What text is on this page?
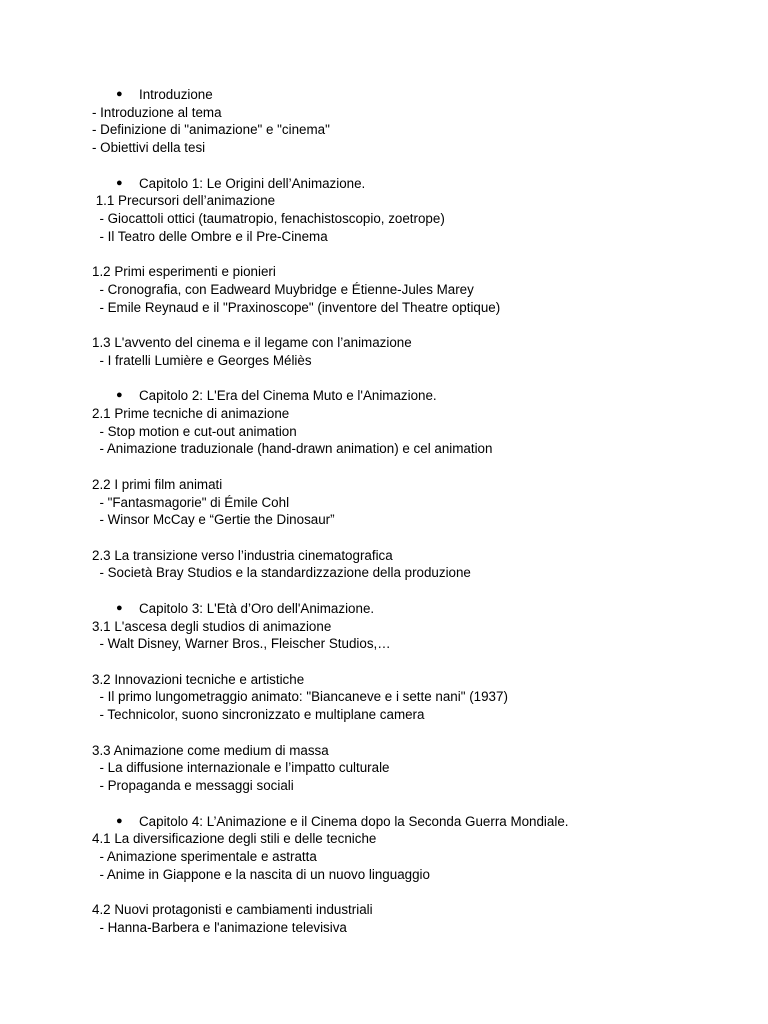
● Introduzione
- Introduzione al tema
- Definizione di "animazione" e "cinema"
- Obiettivi della tesi
● Capitolo 1: Le Origini dell’Animazione.
1.1 Precursori dell’animazione
- Giocattoli ottici (taumatropio, fenachistoscopio, zoetrope)
- Il Teatro delle Ombre e il Pre-Cinema
1.2 Primi esperimenti e pionieri
- Cronografia, con Eadweard Muybridge e Étienne-Jules Marey
- Emile Reynaud e il "Praxinoscope" (inventore del Theatre optique)
1.3 L'avvento del cinema e il legame con l’animazione
- I fratelli Lumière e Georges Méliès
● Capitolo 2: L'Era del Cinema Muto e l'Animazione.
2.1 Prime tecniche di animazione
- Stop motion e cut-out animation
- Animazione traduzionale (hand-drawn animation) e cel animation
2.2 I primi film animati
- "Fantasmagorie" di Émile Cohl
- Winsor McCay e “Gertie the Dinosaur”
2.3 La transizione verso l’industria cinematografica
- Società Bray Studios e la standardizzazione della produzione
● Capitolo 3: L'Età d’Oro dell'Animazione.
3.1 L'ascesa degli studios di animazione
- Walt Disney, Warner Bros., Fleischer Studios,…
3.2 Innovazioni tecniche e artistiche
- Il primo lungometraggio animato: "Biancaneve e i sette nani" (1937)
- Technicolor, suono sincronizzato e multiplane camera
3.3 Animazione come medium di massa
- La diffusione internazionale e l’impatto culturale
- Propaganda e messaggi sociali
● Capitolo 4: L’Animazione e il Cinema dopo la Seconda Guerra Mondiale.
4.1 La diversificazione degli stili e delle tecniche
- Animazione sperimentale e astratta
- Anime in Giappone e la nascita di un nuovo linguaggio
4.2 Nuovi protagonisti e cambiamenti industriali
- Hanna-Barbera e l'animazione televisiva
